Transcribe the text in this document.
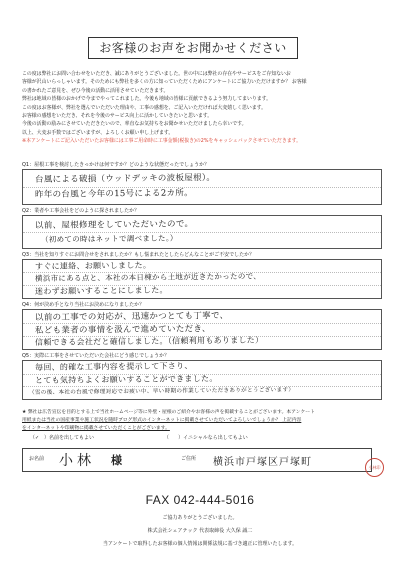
お客様のお声をお聞かせください

この度は弊社にお問い合わせをいただき、誠にありがとうございました。世の中には弊社の存在やサービスをご存知ないお

客様が沢山いらっしゃいます。そのためにも弊社を多くの方に知っていただくためにアンケートにご協力いただけますか？ お客様

の書かれたご意見を、ぜひ今後の活動に活用させていただきます。

弊社は地域の皆様のおかげで今までやってこれました。今後も地域の皆様に貢献できるよう努力してまいります。

この度はお客様が、弊社を選んでいただいた理由や、工事の感想を、ご記入いただければ大変嬉しく思います。

お客様の感想をいただき、それを今後のサービス向上に活かしていきたいと思います。

今後の活動の励みにさせていただきたいので、率直なお気持ちをお聞かせいただけましたら幸いです。

以上、大変お手数ではございますが、よろしくお願い申し上げます。

※本アンケートにご記入いただいたお客様には工事ご用命時に工事金額(税抜き)の2%をキャッシュバックさせていただきます。

Q1：屋根工事を検討したきっかけは何ですか？どのような状態だったでしょうか？
台風による破損（ウッドデッキの波板屋根）。
昨年の台風と今年の15号による2カ所。
Q2：業者や工事会社をどのように探されましたか？
以前、屋根修理をしていただいたので。
（初めての時はネットで調べました。）
Q3：当社を知りすぐにお問合せをされましたか？もし悩まれたとしたらどんなことがご不安でしたか？
すぐに連絡、お願いしました。
横浜市にある点と、本社の本日棟から土地が近きたかったので、
迷わずお願いすることにしました。
Q4：何が決め手となり当社にお決めになりましたか？
以前の工事での対応が、迅速かつとても丁寧で、
私ども業者の事情を汲んで進めていただき、
信頼できる会社だと確信しました。（信頼利用もありました）
Q5：実際に工事をさせていただいた会社にどう感じでしょうか？
毎回、的確な工事内容を提示して下さり、
とても気持ちよくお願いすることができました。
（雪の後、本社の台風で修理対応でお疲い中、早い時期の作業していただきありがとうございます）

★ 弊社は広告宣伝を目的とする上で当社ホームページ等に外壁・屋根のご紹介やお客様の声を掲載することがございます。本アンケート

用紙または当社の国産事業や施工状況を随時ブログ形式のインターネットに掲載させていただいてよろしいでしょうか？ 上記内容

をインターネットや印刷物に掲載させていただくことがございます。

（✓ ）名前を出してもよい	（ ）イニシャルなら出してもよい
お名前 小林 様	ご住所 横浜市戸塚区戸塚町	小林印
FAX 042-444-5016
ご協力ありがとうございました。
株式会社シェアテック 代表取締役 大久保 誠二
当アンケートで取得したお客様の個人情報は関係法規に基づき適正に管理いたします。
